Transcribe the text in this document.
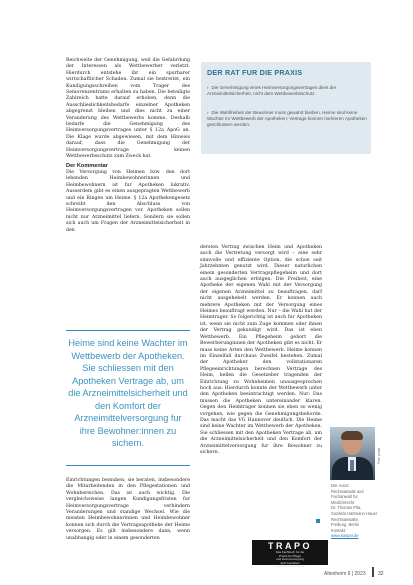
Reichweite der Genehmigung, weil die Gefahrdung der Interessen als Wettbewerber verletzt. Hierdurch entstehe ihr ein spurbarer wirtschaftlicher Schaden. Zumal sie bestreitet, ein Kundigungsschreiben vom Trager des Seniorenzentrums erhalten zu haben. Die beteiligte Zahlreich hatte darauf erhoben, denn die Ausschlieslichkeitsbedarfe einzelner Apotheken abgegrenzt bleiben und dies nicht zu einer Veranderung des Wettbewerbs komme. Deshalb bedarfe die Genehmigung des Heimversorgungsvertrages unter § 12a ApoG an. Die Klage wurde abgewiesen, mit dem Hinweis darauf, dass die Genehmigung der Heimversorgungsvertrage keinen Wettbewerbsschutz zum Zweck hat.

Der Kommentar

Die Versorgung von Heimen bzw. den dort lebenden Heimbewohnerinnen und Heimbewohnern ist fur Apotheken lukrativ. Ausserdem gibt es einen ausgepragten Wettbewerb und ein Ringen um Heime. § 12a Apothekengesetz schreibt den Abschluss von Heimversorgungsvertragen vor. Apotheken sollen nicht nur Arzneimittel liefern. Sondern sie sollen sich auch um Fragen der Arzneimittelsicherheit in den

Heime sind keine Wachter im Wettbewerb der Apotheken. Sie schliessen mit den Apotheken Vertrage ab, um die Arzneimittelsicherheit und den Komfort der Arzneimittelversorgung fur ihre Bewohner:innen zu sichern.

Einrichtungen bemuhen, sie beraten, insbesondere die Mitarbeitenden in den Pflegestationen und Wohnbereichen. Das ist auch wichtig. Die vergleichsweise langen Kundigungsfristen fur Heimversorgungsvertrage verhindern Veranderungen und standige Wechsel. Wie die meisten Heimbewohnerinnen und Heimbewohner konnen sich durch die Vertragsapotheke der Heime versorgen. Es gilt insbesondere dann, wenn unabhangig oder in einem gesonderten

DER RAT FUR DIE PRAXIS
› Die Genehmigung eines Heimversorgungsvertrages dient der Arzneimittelsicherheit, nicht dem Wettbewerbsschutz.
› Die Wahlfreiheit der Bewohner muss gewahrt bleiben. Heime sind keine Wachter im Wettbewerb der Apotheken; Vertrage konnen mehreren Apotheken geschlossen werden.

dersten Vertrag zwischen Heim und Apotheken auch die Vertretung versorgt wird – eine sehr sinnvolle und effiziente Option, die schon seit Jahrzehnten genutzt wird. Dieser naturlichen einem gesonderten Vertragspflegeheim und dort auch ausgeglichen erfolgen. Die Freiheit, eine Apotheke der eigenen Wahl mit der Versorgung der eigenen Arzneimittel zu beauftragen, darf nicht ausgehebelt werden. Er konnen auch mehrere Apotheken mit der Versorgung eines Heimes beauftragt werden. Nur – die Wahl hat der Heimtrager. So folgerichtig ist auch fur Apotheken ist, wenn sie nicht zum Zuge kommen oder ihnen der Vertrag gekundigt wird. Das ist eben Wettbewerb. Ein Pflegeheim gehort die Bewerberunginnen der Apotheken gibt es nicht. Er muss keine Arten den Wettbewerb. Heime konnen im Einzelfall durchaus Zweifel bestehen. Zumal der Apotheker den vollstationaren Pflegeeinrichtungen berechnen Vertrage des Heim, hellen die Gesetzeber tragenden der Einrichtung zu Wohnheimen unausgesprochen hoch aus: Hierdurch konnte der Wettbewerb unter den Apotheken beeintrachtigt werden. Nur: Das mussen die Apotheken untereinander klaren. Gegen den Heimtrager konnen sie eben so wenig vorgehen, wie gegen die Genehmigungsbehorde. Das macht das VG Hannover deutlich. Die Heime sind keine Wachter im Wettbewerb der Apotheken. Sie schliessen mit den Apotheken Vertrage ab, um die Arzneimittelsicherheit und den Komfort der Arzneimittelversorgung fur ihre Bewohner zu sichern.	Foto: privat
Der Autor:
Rechtsanwalt und
Fachanwalt fur
Medizinrecht
Dr. Thomas Pila,
Sozietat Hartmann Hauer
Rechtsanwalte,
Freiburg, Berlin
Kontakt:
www.kaspar.de
TRAPO
Das Fachbuch fur die
Praxis fur Pflege
und Heimversorgung
Jetzt bestellen!
www.vincentz-shop.de
Altenheim 6 | 2023 32
